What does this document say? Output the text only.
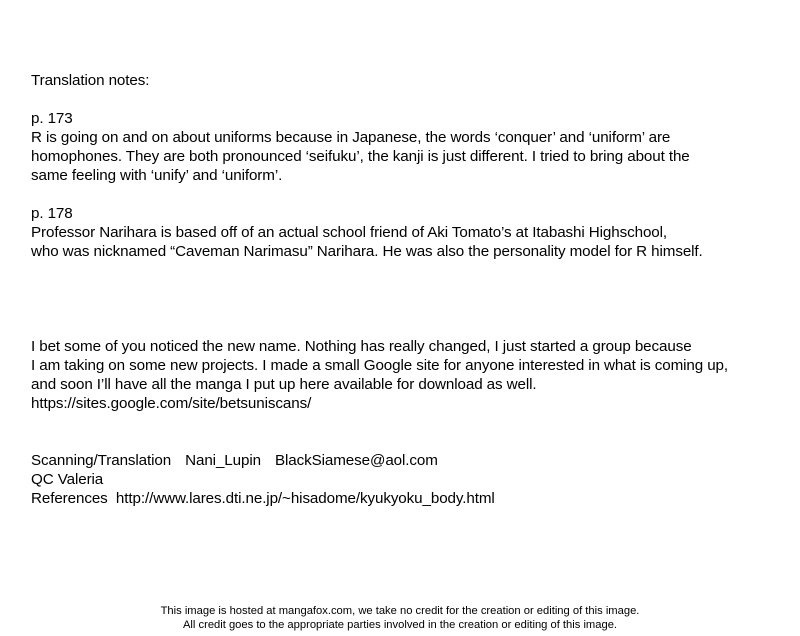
Translation notes:
p. 173
R is going on and on about uniforms because in Japanese, the words ‘conquer’ and ‘uniform’ are
homophones. They are both pronounced ‘seifuku’, the kanji is just different. I tried to bring about the
same feeling with ‘unify’ and ‘uniform’.
p. 178
Professor Narihara is based off of an actual school friend of Aki Tomato’s at Itabashi Highschool,
who was nicknamed “Caveman Narimasu” Narihara. He was also the personality model for R himself.
I bet some of you noticed the new name. Nothing has really changed, I just started a group because
I am taking on some new projects. I made a small Google site for anyone interested in what is coming up,
and soon I’ll have all the manga I put up here available for download as well.
https://sites.google.com/site/betsuniscans/
Scanning/Translation Nani_Lupin BlackSiamese@aol.com
QC Valeria
References http://www.lares.dti.ne.jp/~hisadome/kyukyoku_body.html
This image is hosted at mangafox.com, we take no credit for the creation or editing of this image.
All credit goes to the appropriate parties involved in the creation or editing of this image.
